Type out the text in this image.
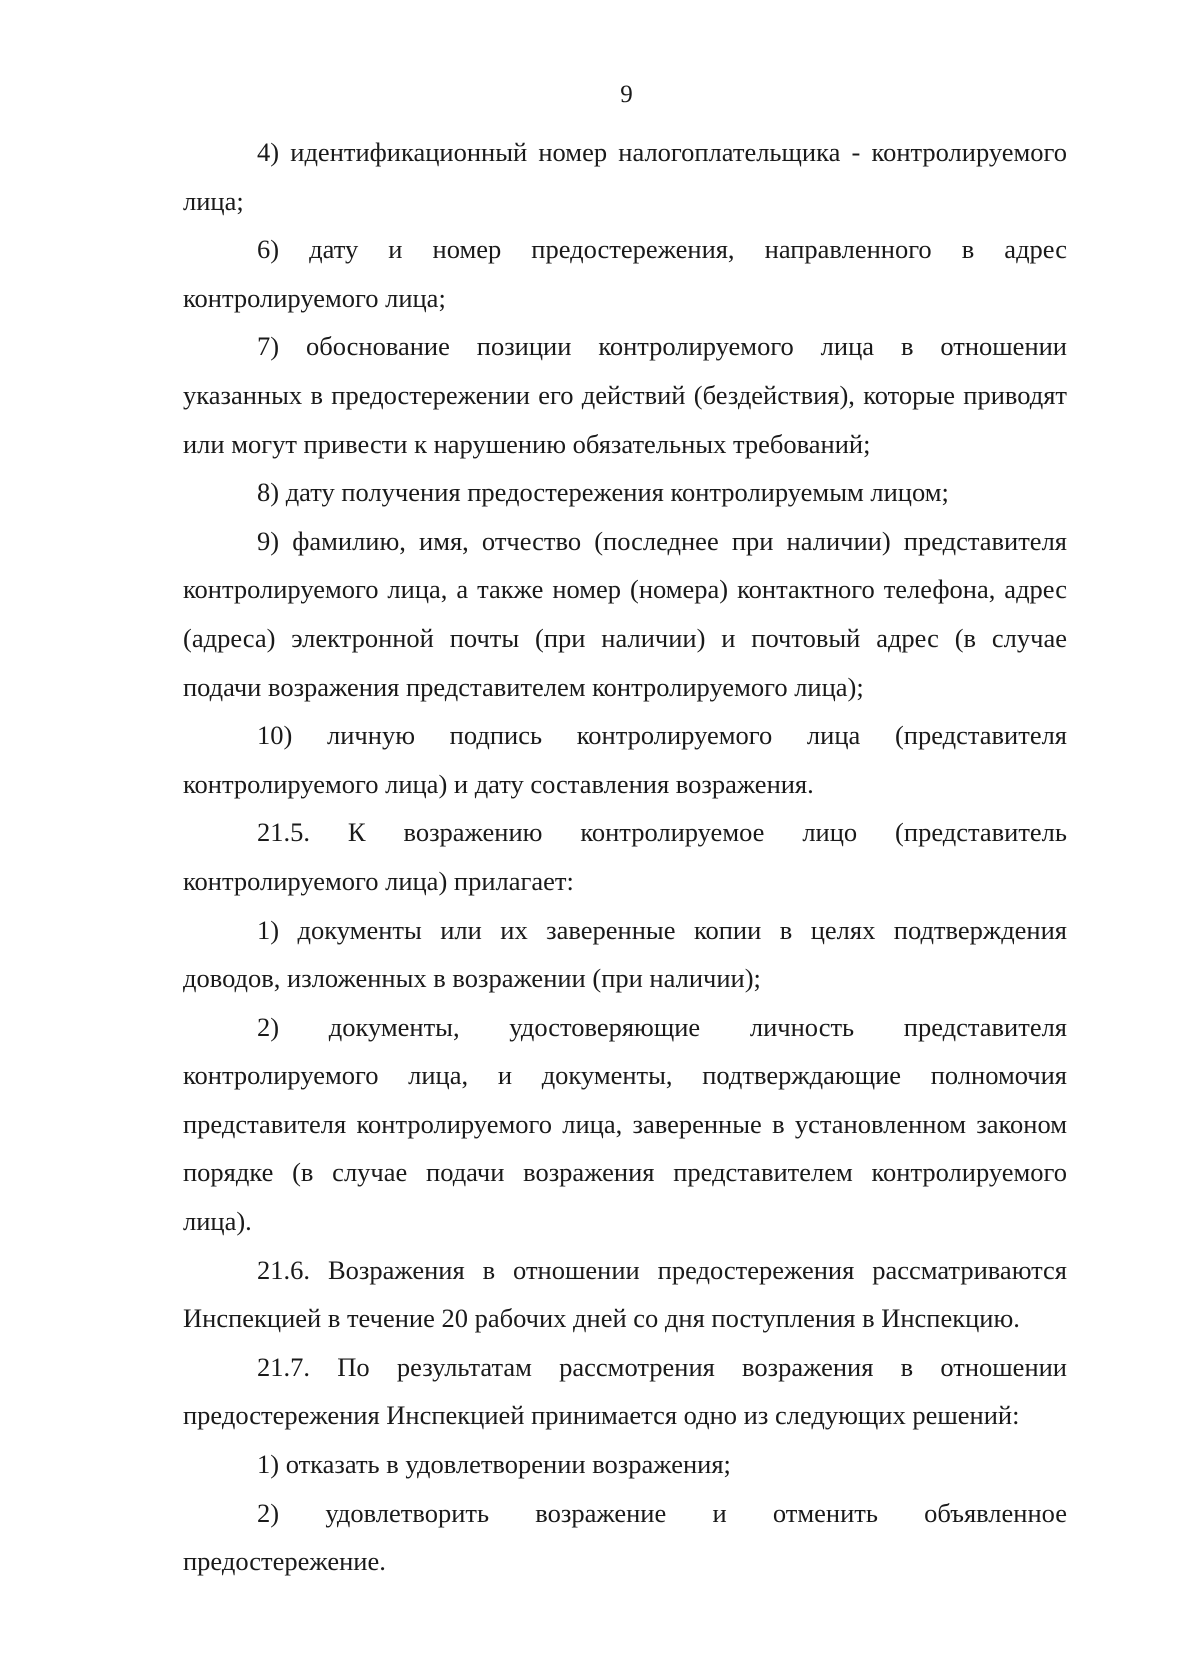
9

4) идентификационный номер налогоплательщика - контролируемого лица;

6) дату и номер предостережения, направленного в адрес контролируемого лица;

7) обоснование позиции контролируемого лица в отношении указанных в предостережении его действий (бездействия), которые приводят или могут привести к нарушению обязательных требований;

8) дату получения предостережения контролируемым лицом;

9) фамилию, имя, отчество (последнее при наличии) представителя контролируемого лица, а также номер (номера) контактного телефона, адрес (адреса) электронной почты (при наличии) и почтовый адрес (в случае подачи возражения представителем контролируемого лица);

10) личную подпись контролируемого лица (представителя контролируемого лица) и дату составления возражения.

21.5. К возражению контролируемое лицо (представитель контролируемого лица) прилагает:

1) документы или их заверенные копии в целях подтверждения доводов, изложенных в возражении (при наличии);

2) документы, удостоверяющие личность представителя контролируемого лица, и документы, подтверждающие полномочия представителя контролируемого лица, заверенные в установленном законом порядке (в случае подачи возражения представителем контролируемого лица).

21.6. Возражения в отношении предостережения рассматриваются Инспекцией в течение 20 рабочих дней со дня поступления в Инспекцию.

21.7. По результатам рассмотрения возражения в отношении предостережения Инспекцией принимается одно из следующих решений:

1) отказать в удовлетворении возражения;

2) удовлетворить возражение и отменить объявленное предостережение.
